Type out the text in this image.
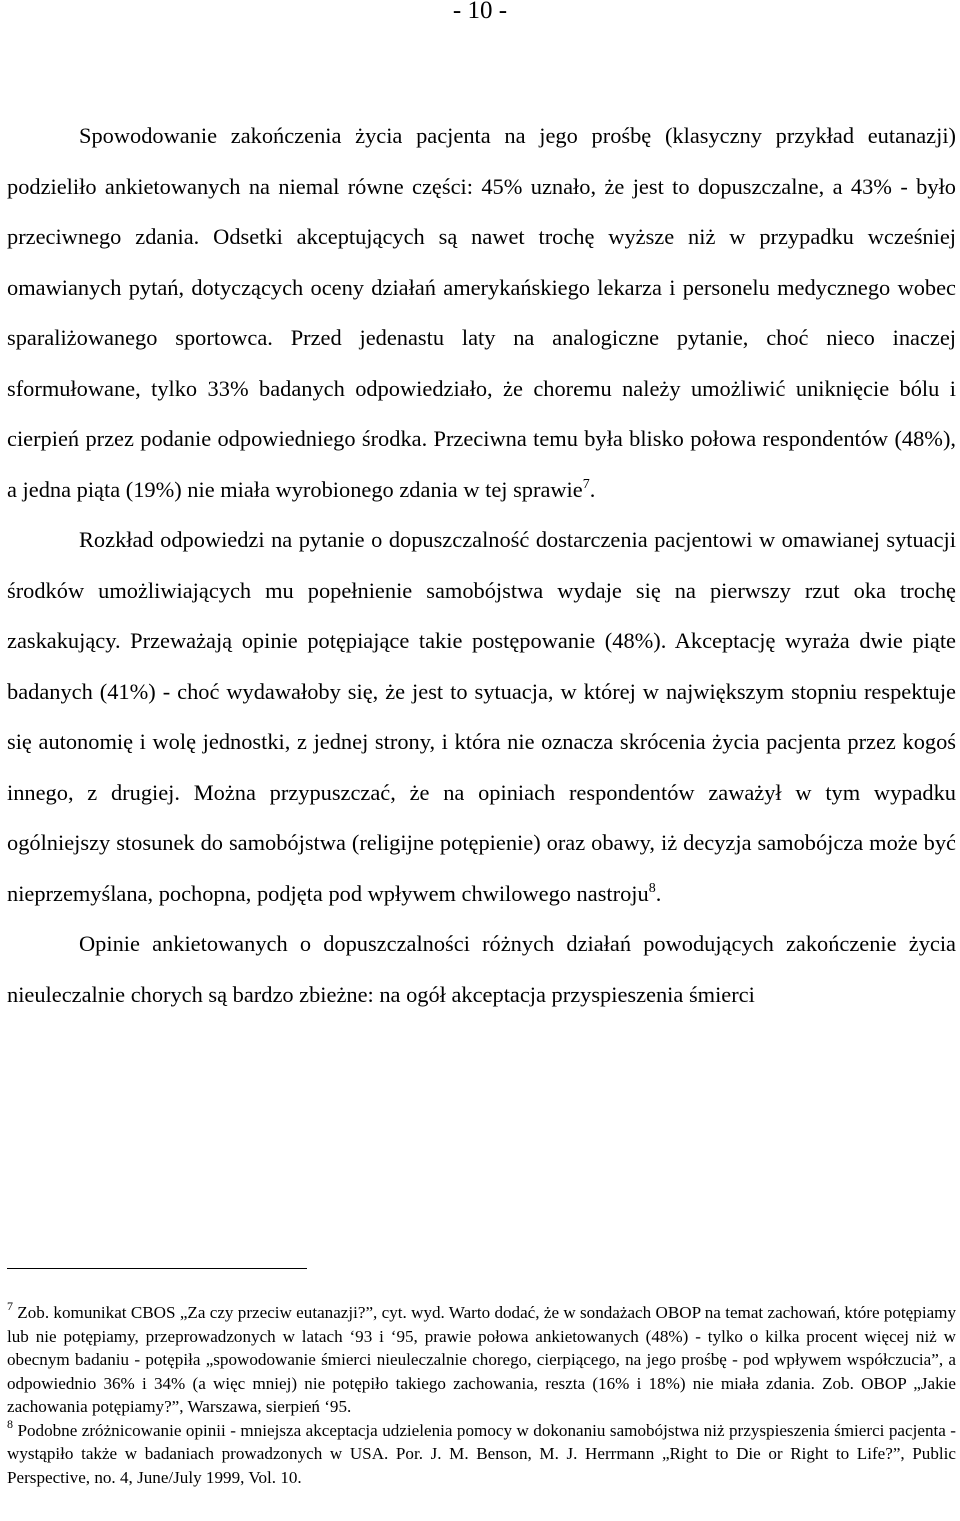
- 10 -

Spowodowanie zakończenia życia pacjenta na jego prośbę (klasyczny przykład eutanazji) podzieliło ankietowanych na niemal równe części: 45% uznało, że jest to dopuszczalne, a 43% - było przeciwnego zdania. Odsetki akceptujących są nawet trochę wyższe niż w przypadku wcześniej omawianych pytań, dotyczących oceny działań amerykańskiego lekarza i personelu medycznego wobec sparaliżowanego sportowca. Przed jedenastu laty na analogiczne pytanie, choć nieco inaczej sformułowane, tylko 33% badanych odpowiedziało, że choremu należy umożliwić uniknięcie bólu i cierpień przez podanie odpowiedniego środka. Przeciwna temu była blisko połowa respondentów (48%), a jedna piąta (19%) nie miała wyrobionego zdania w tej sprawie$^7$.

Rozkład odpowiedzi na pytanie o dopuszczalność dostarczenia pacjentowi w omawianej sytuacji środków umożliwiających mu popełnienie samobójstwa wydaje się na pierwszy rzut oka trochę zaskakujący. Przeważają opinie potępiające takie postępowanie (48%). Akceptację wyraża dwie piąte badanych (41%) - choć wydawałoby się, że jest to sytuacja, w której w największym stopniu respektuje się autonomię i wolę jednostki, z jednej strony, i która nie oznacza skrócenia życia pacjenta przez kogoś innego, z drugiej. Można przypuszczać, że na opiniach respondentów zaważył w tym wypadku ogólniejszy stosunek do samobójstwa (religijne potępienie) oraz obawy, iż decyzja samobójcza może być nieprzemyślana, pochopna, podjęta pod wpływem chwilowego nastroju$^8$.

Opinie ankietowanych o dopuszczalności różnych działań powodujących zakończenie życia nieuleczalnie chorych są bardzo zbieżne: na ogół akceptacja przyspieszenia śmierci

$^7$ Zob. komunikat CBOS „Za czy przeciw eutanazji?”, cyt. wyd. Warto dodać, że w sondażach OBOP na temat zachowań, które potępiamy lub nie potępiamy, przeprowadzonych w latach ‘93 i ‘95, prawie połowa ankietowanych (48%) - tylko o kilka procent więcej niż w obecnym badaniu - potępiła „spowodowanie śmierci nieuleczalnie chorego, cierpiącego, na jego prośbę - pod wpływem współczucia”, a odpowiednio 36% i 34% (a więc mniej) nie potępiło takiego zachowania, reszta (16% i 18%) nie miała zdania. Zob. OBOP „Jakie zachowania potępiamy?”, Warszawa, sierpień ‘95.

$^8$ Podobne zróżnicowanie opinii - mniejsza akceptacja udzielenia pomocy w dokonaniu samobójstwa niż przyspieszenia śmierci pacjenta - wystąpiło także w badaniach prowadzonych w USA. Por. J. M. Benson, M. J. Herrmann „Right to Die or Right to Life?”, Public Perspective, no. 4, June/July 1999, Vol. 10.
